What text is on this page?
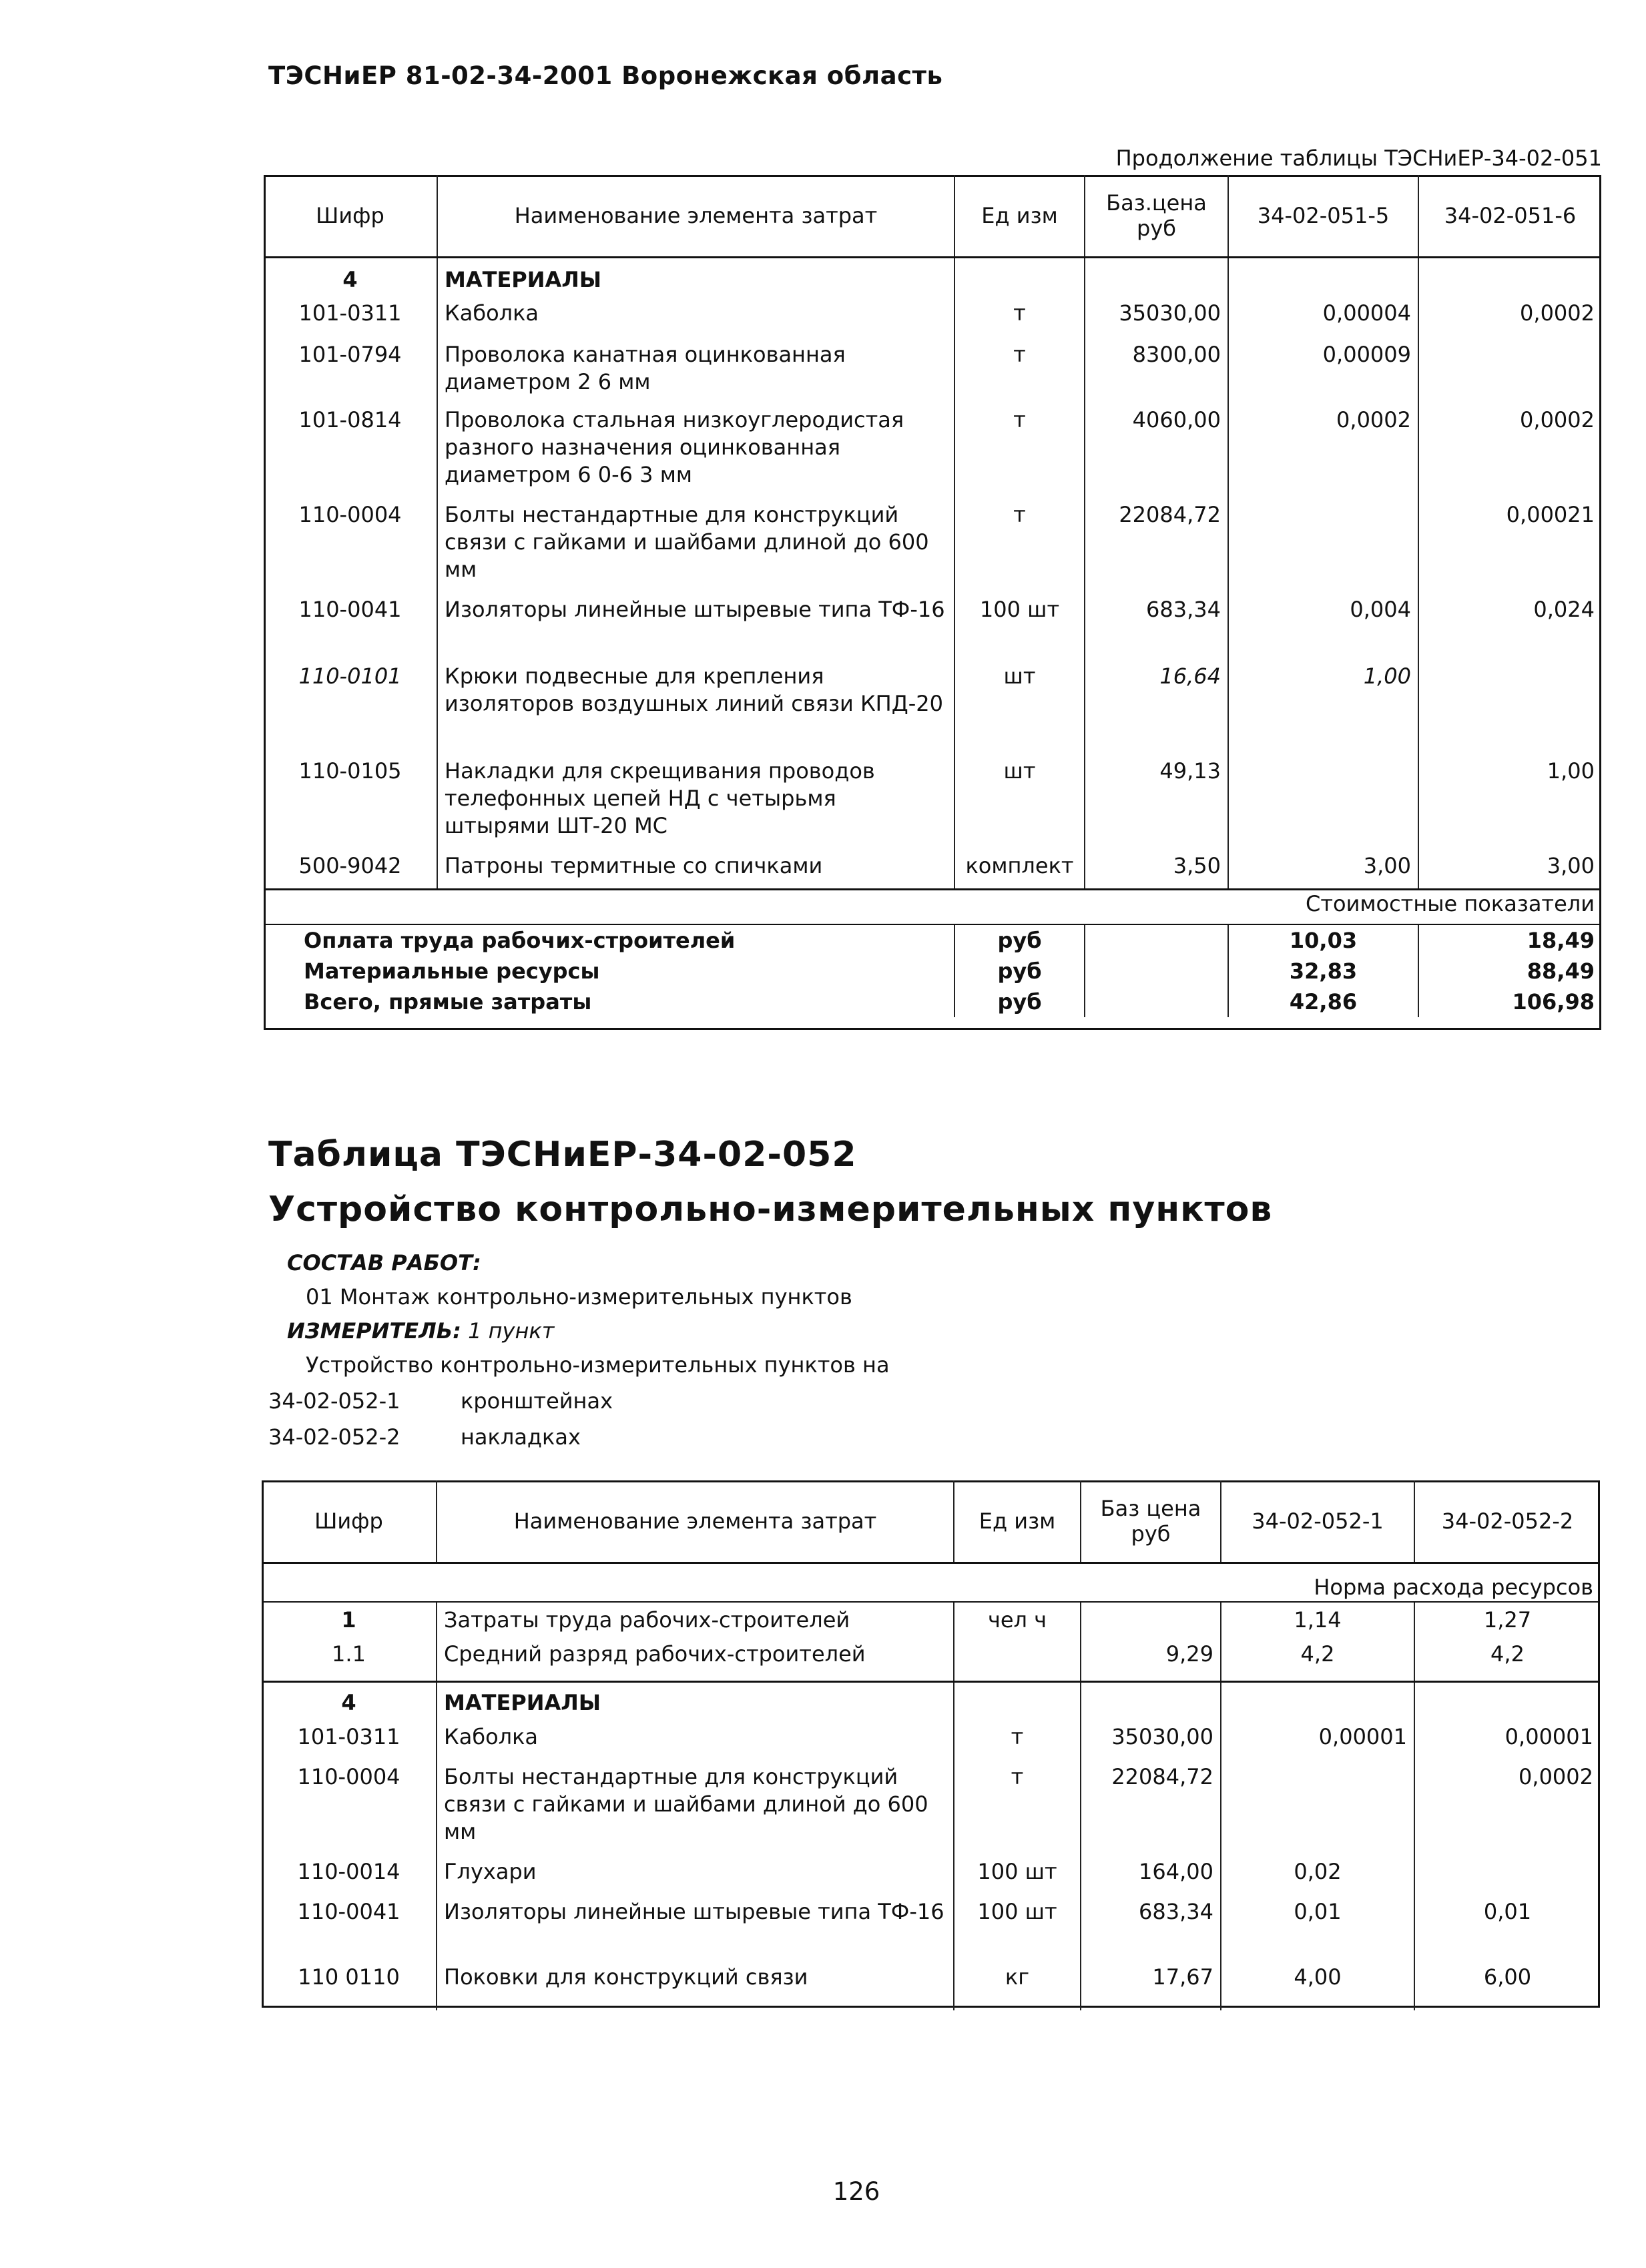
ТЭСНиЕР 81-02-34-2001 Воронежская область
Продолжение таблицы ТЭСНиЕР-34-02-051
Шифр	Наименование элемента затрат	Ед изм	Баз.цена руб	34-02-051-5	34-02-051-6
4	МАТЕРИАЛЫ				
101-0311	Каболка	т	35030,00	0,00004	0,0002
101-0794	Проволока канатная оцинкованная диаметром 2 6 мм	т	8300,00	0,00009	
101-0814	Проволока стальная низкоуглеродистая разного назначения оцинкованная диаметром 6 0-6 3 мм	т	4060,00	0,0002	0,0002
110-0004	Болты нестандартные для конструкций связи с гайками и шайбами длиной до 600 мм	т	22084,72		0,00021
110-0041	Изоляторы линейные штыревые типа ТФ-16	100 шт	683,34	0,004	0,024
110-0101	Крюки подвесные для крепления изоляторов воздушных линий связи КПД-20	шт	16,64	1,00	
110-0105	Накладки для скрещивания проводов телефонных цепей НД с четырьмя штырями ШТ-20 МС	шт	49,13		1,00
500-9042	Патроны термитные со спичками	комплект	3,50	3,00	3,00
Стоимостные показатели					
Оплата труда рабочих-строителей		руб		10,03	18,49
Материальные ресурсы		руб		32,83	88,49
Всего, прямые затраты		руб		42,86	106,98
Таблица ТЭСНиЕР-34-02-052
Устройство контрольно-измерительных пунктов
СОСТАВ РАБОТ:
01 Монтаж контрольно-измерительных пунктов
ИЗМЕРИТЕЛЬ: 1 пункт
Устройство контрольно-измерительных пунктов на
34-02-052-1	кронштейнах
34-02-052-2	накладках
Шифр	Наименование элемента затрат	Ед изм	Баз цена руб	34-02-052-1	34-02-052-2
Норма расхода ресурсов					
1	Затраты труда рабочих-строителей	чел ч		1,14	1,27
1.1	Средний разряд рабочих-строителей		9,29	4,2	4,2
4	МАТЕРИАЛЫ				
101-0311	Каболка	т	35030,00	0,00001	0,00001
110-0004	Болты нестандартные для конструкций связи с гайками и шайбами длиной до 600 мм	т	22084,72		0,0002
110-0014	Глухари	100 шт	164,00	0,02	
110-0041	Изоляторы линейные штыревые типа ТФ-16	100 шт	683,34	0,01	0,01
110 0110	Поковки для конструкций связи	кг	17,67	4,00	6,00
126
